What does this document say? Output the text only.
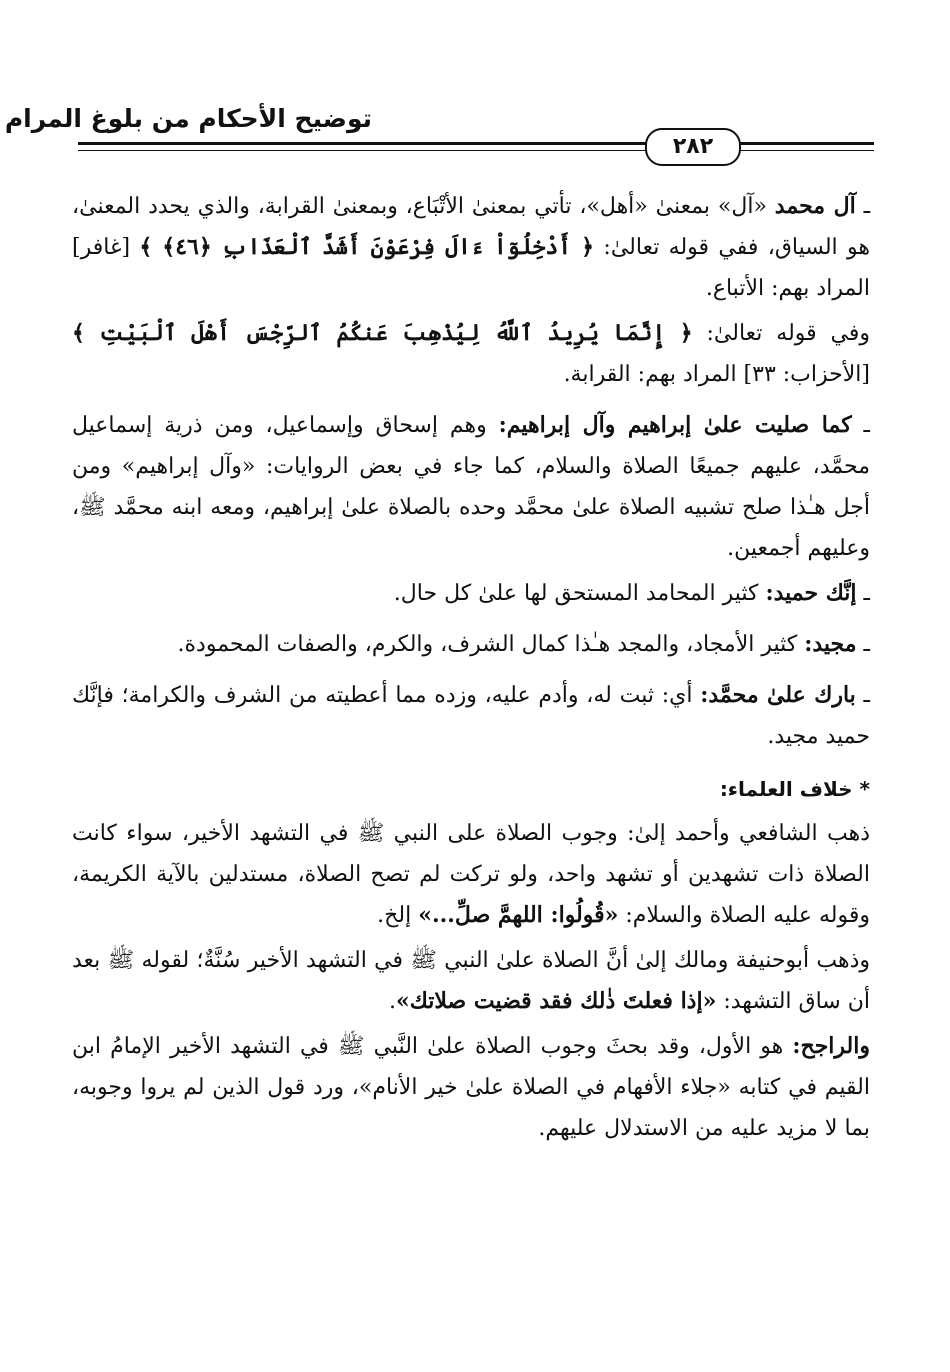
توضيح الأحكام من بلوغ المرام
٢٨٢

ـ آل محمد «آل» بمعنىٰ «أهل»، تأتي بمعنىٰ الأتْبَاع، وبمعنىٰ القرابة، والذي يحدد المعنىٰ، هو السياق، ففي قوله تعالىٰ: ﴿ أَدْخِلُوٓاْ ءَالَ فِرْعَوْنَ أَشَدَّ ٱلْعَذَابِ ﴿٤٦﴾ ﴾ [غافر] المراد بهم: الأتباع.

وفي قوله تعالىٰ: ﴿ إِنَّمَا يُرِيدُ ٱللَّهُ لِيُذْهِبَ عَنكُمُ ٱلرِّجْسَ أَهْلَ ٱلْبَيْتِ ﴾ [الأحزاب: ٣٣] المراد بهم: القرابة.

ـ كما صليت علىٰ إبراهيم وآل إبراهيم: وهم إسحاق وإسماعيل، ومن ذرية إسماعيل محمَّد، عليهم جميعًا الصلاة والسلام، كما جاء في بعض الروايات: «وآل إبراهيم» ومن أجل هـٰذا صلح تشبيه الصلاة علىٰ محمَّد وحده بالصلاة علىٰ إبراهيم، ومعه ابنه محمَّد ﷺ، وعليهم أجمعين.

ـ إنَّك حميد: كثير المحامد المستحق لها علىٰ كل حال.

ـ مجيد: كثير الأمجاد، والمجد هـٰذا كمال الشرف، والكرم، والصفات المحمودة.

ـ بارك علىٰ محمَّد: أي: ثبت له، وأدم عليه، وزده مما أعطيته من الشرف والكرامة؛ فإنَّك حميد مجيد.

* خلاف العلماء:

ذهب الشافعي وأحمد إلىٰ: وجوب الصلاة على النبي ﷺ في التشهد الأخير، سواء كانت الصلاة ذات تشهدين أو تشهد واحد، ولو تركت لم تصح الصلاة، مستدلين بالآية الكريمة، وقوله عليه الصلاة والسلام: «قُولُوا: اللهمَّ صلِّ...» إلخ.

وذهب أبوحنيفة ومالك إلىٰ أنَّ الصلاة علىٰ النبي ﷺ في التشهد الأخير سُنَّةٌ؛ لقوله ﷺ بعد أن ساق التشهد: «إذا فعلتَ ذٰلك فقد قضيت صلاتك».

والراجح: هو الأول، وقد بحثَ وجوب الصلاة علىٰ النَّبي ﷺ في التشهد الأخير الإمامُ ابن القيم في كتابه «جلاء الأفهام في الصلاة علىٰ خير الأنام»، ورد قول الذين لم يروا وجوبه، بما لا مزيد عليه من الاستدلال عليهم.
